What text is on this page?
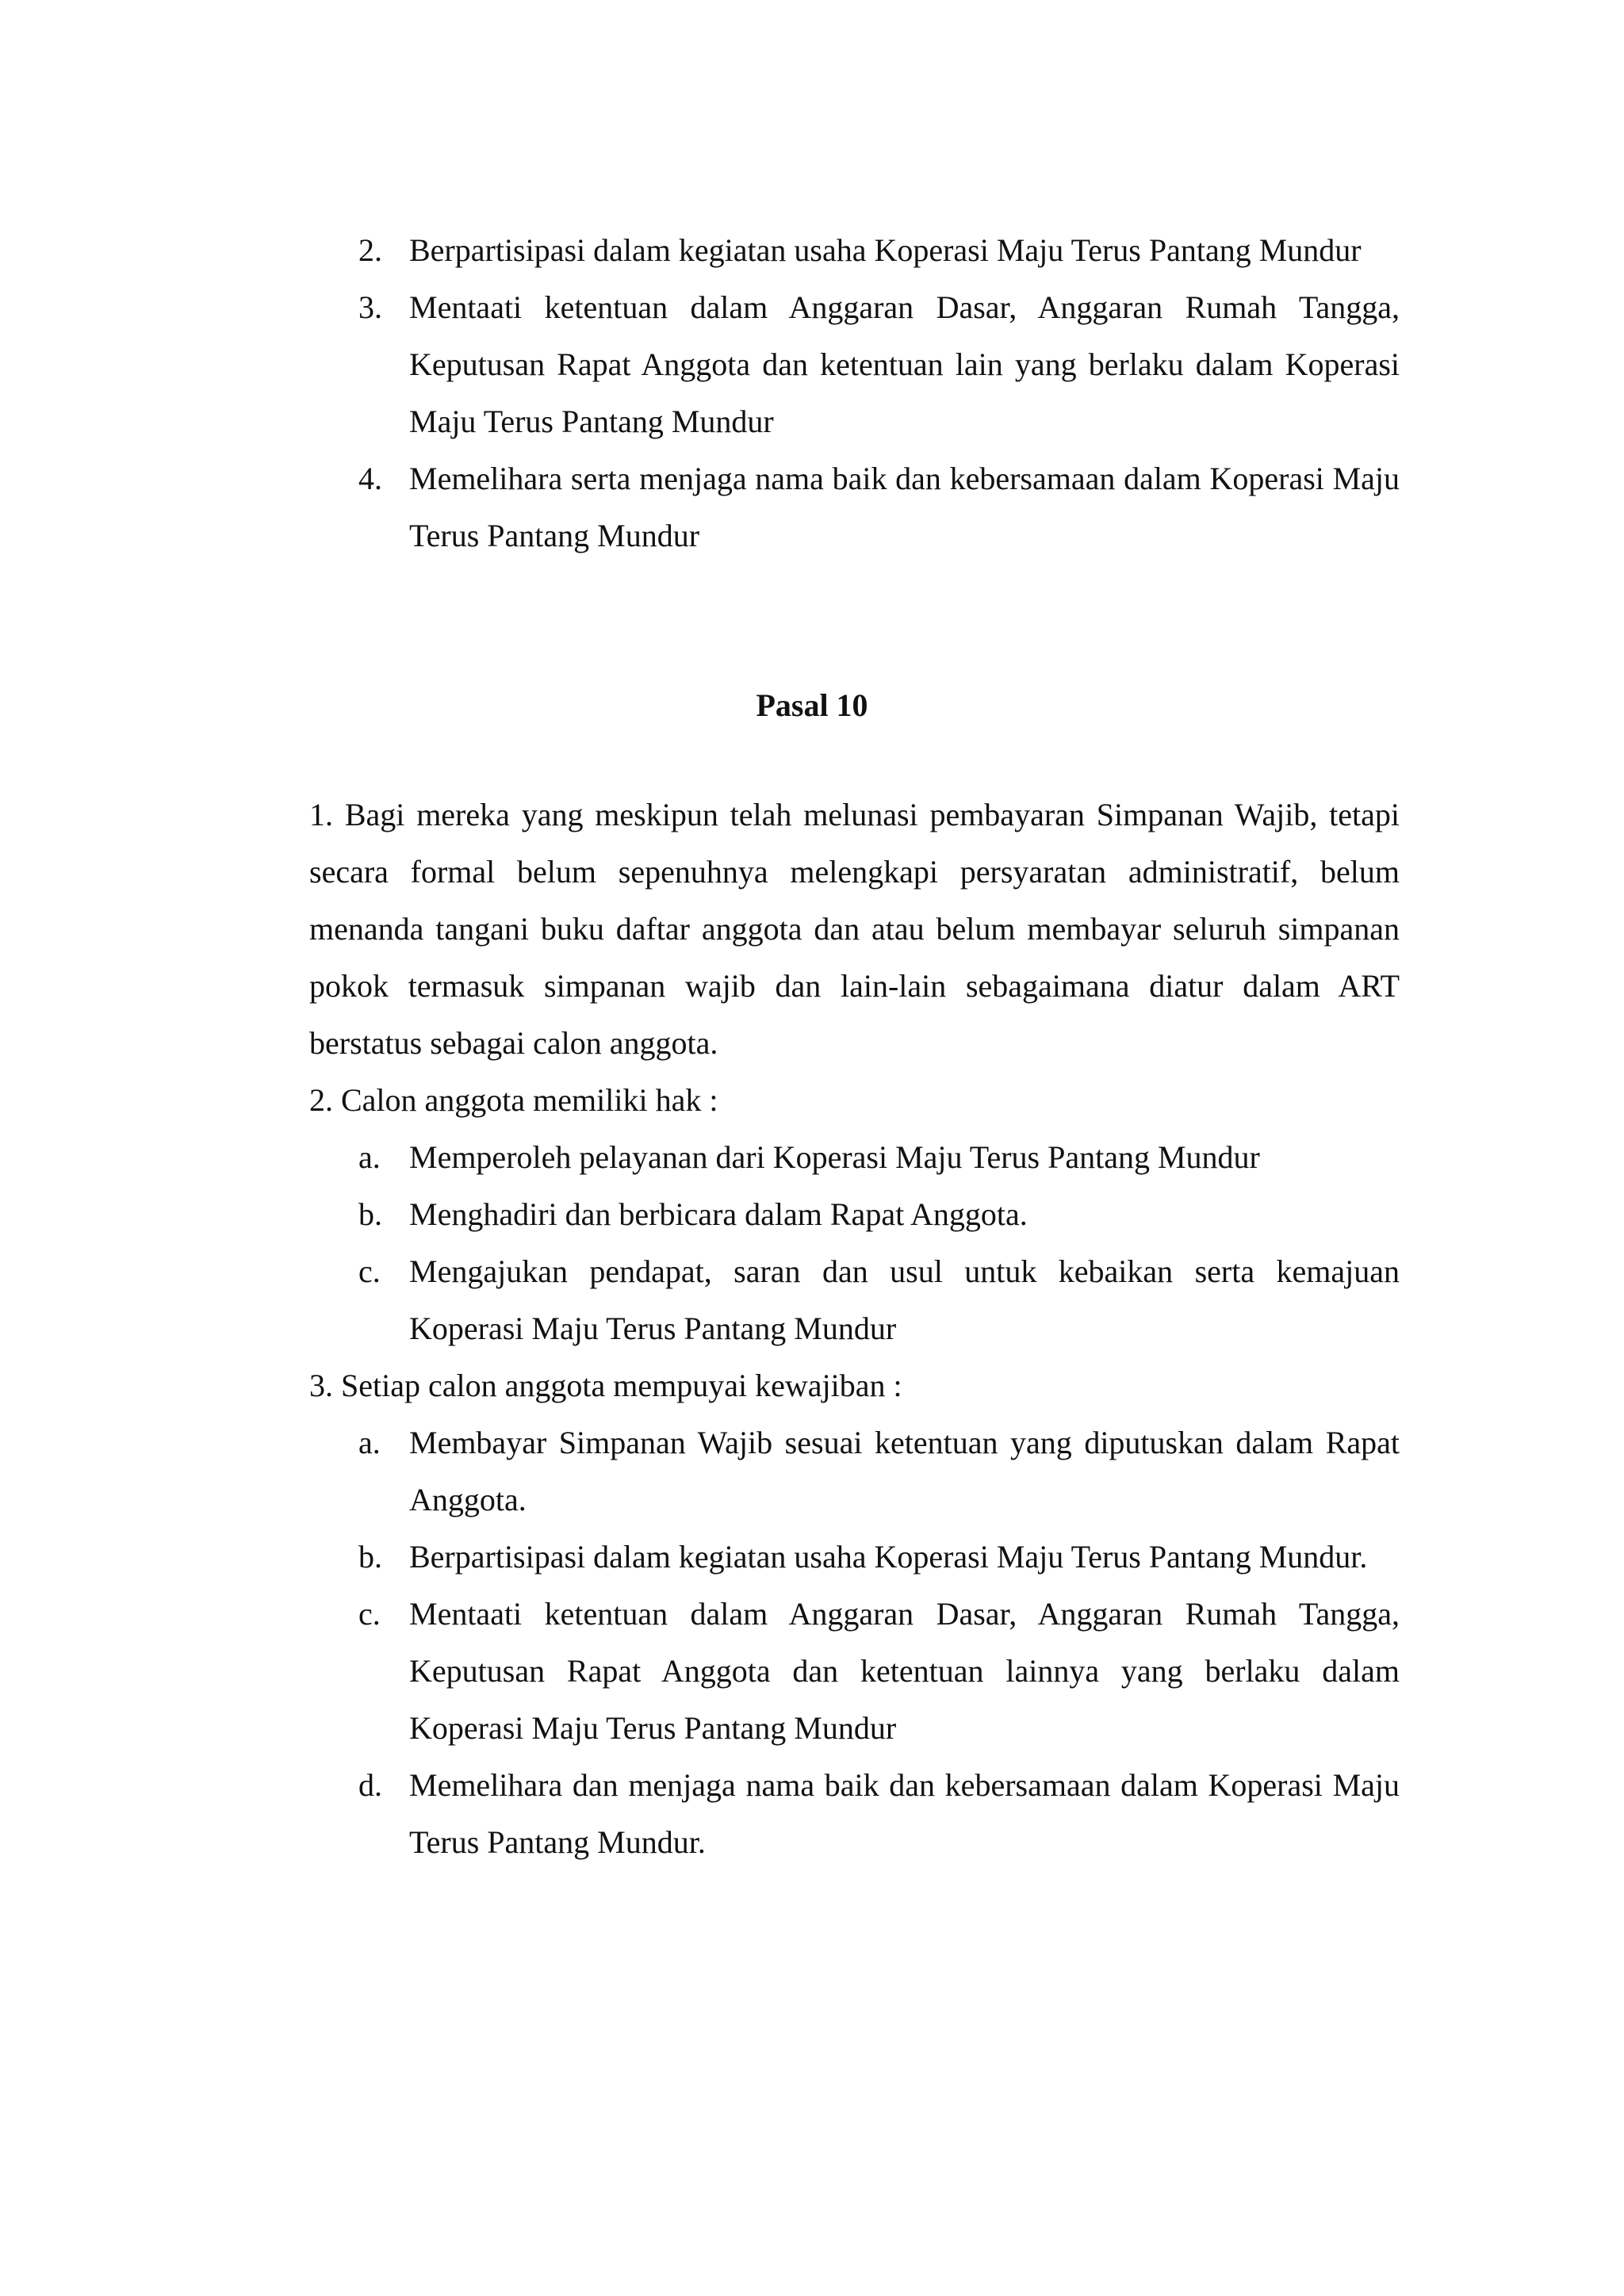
2. Berpartisipasi dalam kegiatan usaha Koperasi Maju Terus Pantang Mundur
3. Mentaati ketentuan dalam Anggaran Dasar, Anggaran Rumah Tangga, Keputusan Rapat Anggota dan ketentuan lain yang berlaku dalam Koperasi Maju Terus Pantang Mundur
4. Memelihara serta menjaga nama baik dan kebersamaan dalam Koperasi Maju Terus Pantang Mundur
Pasal 10
1. Bagi mereka yang meskipun telah melunasi pembayaran Simpanan Wajib, tetapi secara formal belum sepenuhnya melengkapi persyaratan administratif, belum menanda tangani buku daftar anggota dan atau belum membayar seluruh simpanan pokok termasuk simpanan wajib dan lain-lain sebagaimana diatur dalam ART berstatus sebagai calon anggota.
2. Calon anggota memiliki hak :
a. Memperoleh pelayanan dari Koperasi Maju Terus Pantang Mundur
b. Menghadiri dan berbicara dalam Rapat Anggota.
c. Mengajukan pendapat, saran dan usul untuk kebaikan serta kemajuan Koperasi Maju Terus Pantang Mundur
3. Setiap calon anggota mempuyai kewajiban :
a. Membayar Simpanan Wajib sesuai ketentuan yang diputuskan dalam Rapat Anggota.
b. Berpartisipasi dalam kegiatan usaha Koperasi Maju Terus Pantang Mundur.
c. Mentaati ketentuan dalam Anggaran Dasar, Anggaran Rumah Tangga, Keputusan Rapat Anggota dan ketentuan lainnya yang berlaku dalam Koperasi Maju Terus Pantang Mundur
d. Memelihara dan menjaga nama baik dan kebersamaan dalam Koperasi Maju Terus Pantang Mundur.
